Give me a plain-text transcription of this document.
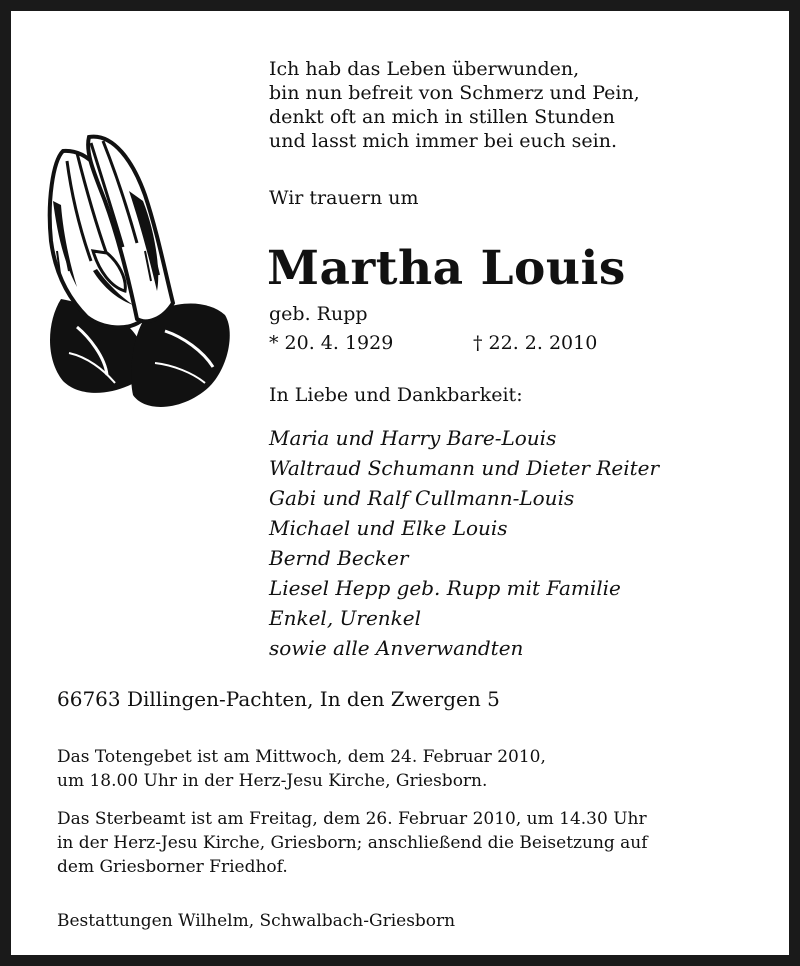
Ich hab das Leben überwunden,
bin nun befreit von Schmerz und Pein,
denkt oft an mich in stillen Stunden
und lasst mich immer bei euch sein.
Wir trauern um
Martha Louis
geb. Rupp
* 20. 4. 1929	† 22. 2. 2010
In Liebe und Dankbarkeit:
Maria und Harry Bare-Louis
Waltraud Schumann und Dieter Reiter
Gabi und Ralf Cullmann-Louis
Michael und Elke Louis
Bernd Becker
Liesel Hepp geb. Rupp mit Familie
Enkel, Urenkel
sowie alle Anverwandten
66763 Dillingen-Pachten, In den Zwergen 5
Das Totengebet ist am Mittwoch, dem 24. Februar 2010,
um 18.00 Uhr in der Herz-Jesu Kirche, Griesborn.
Das Sterbeamt ist am Freitag, dem 26. Februar 2010, um 14.30 Uhr
in der Herz-Jesu Kirche, Griesborn; anschließend die Beisetzung auf
dem Griesborner Friedhof.
Bestattungen Wilhelm, Schwalbach-Griesborn
